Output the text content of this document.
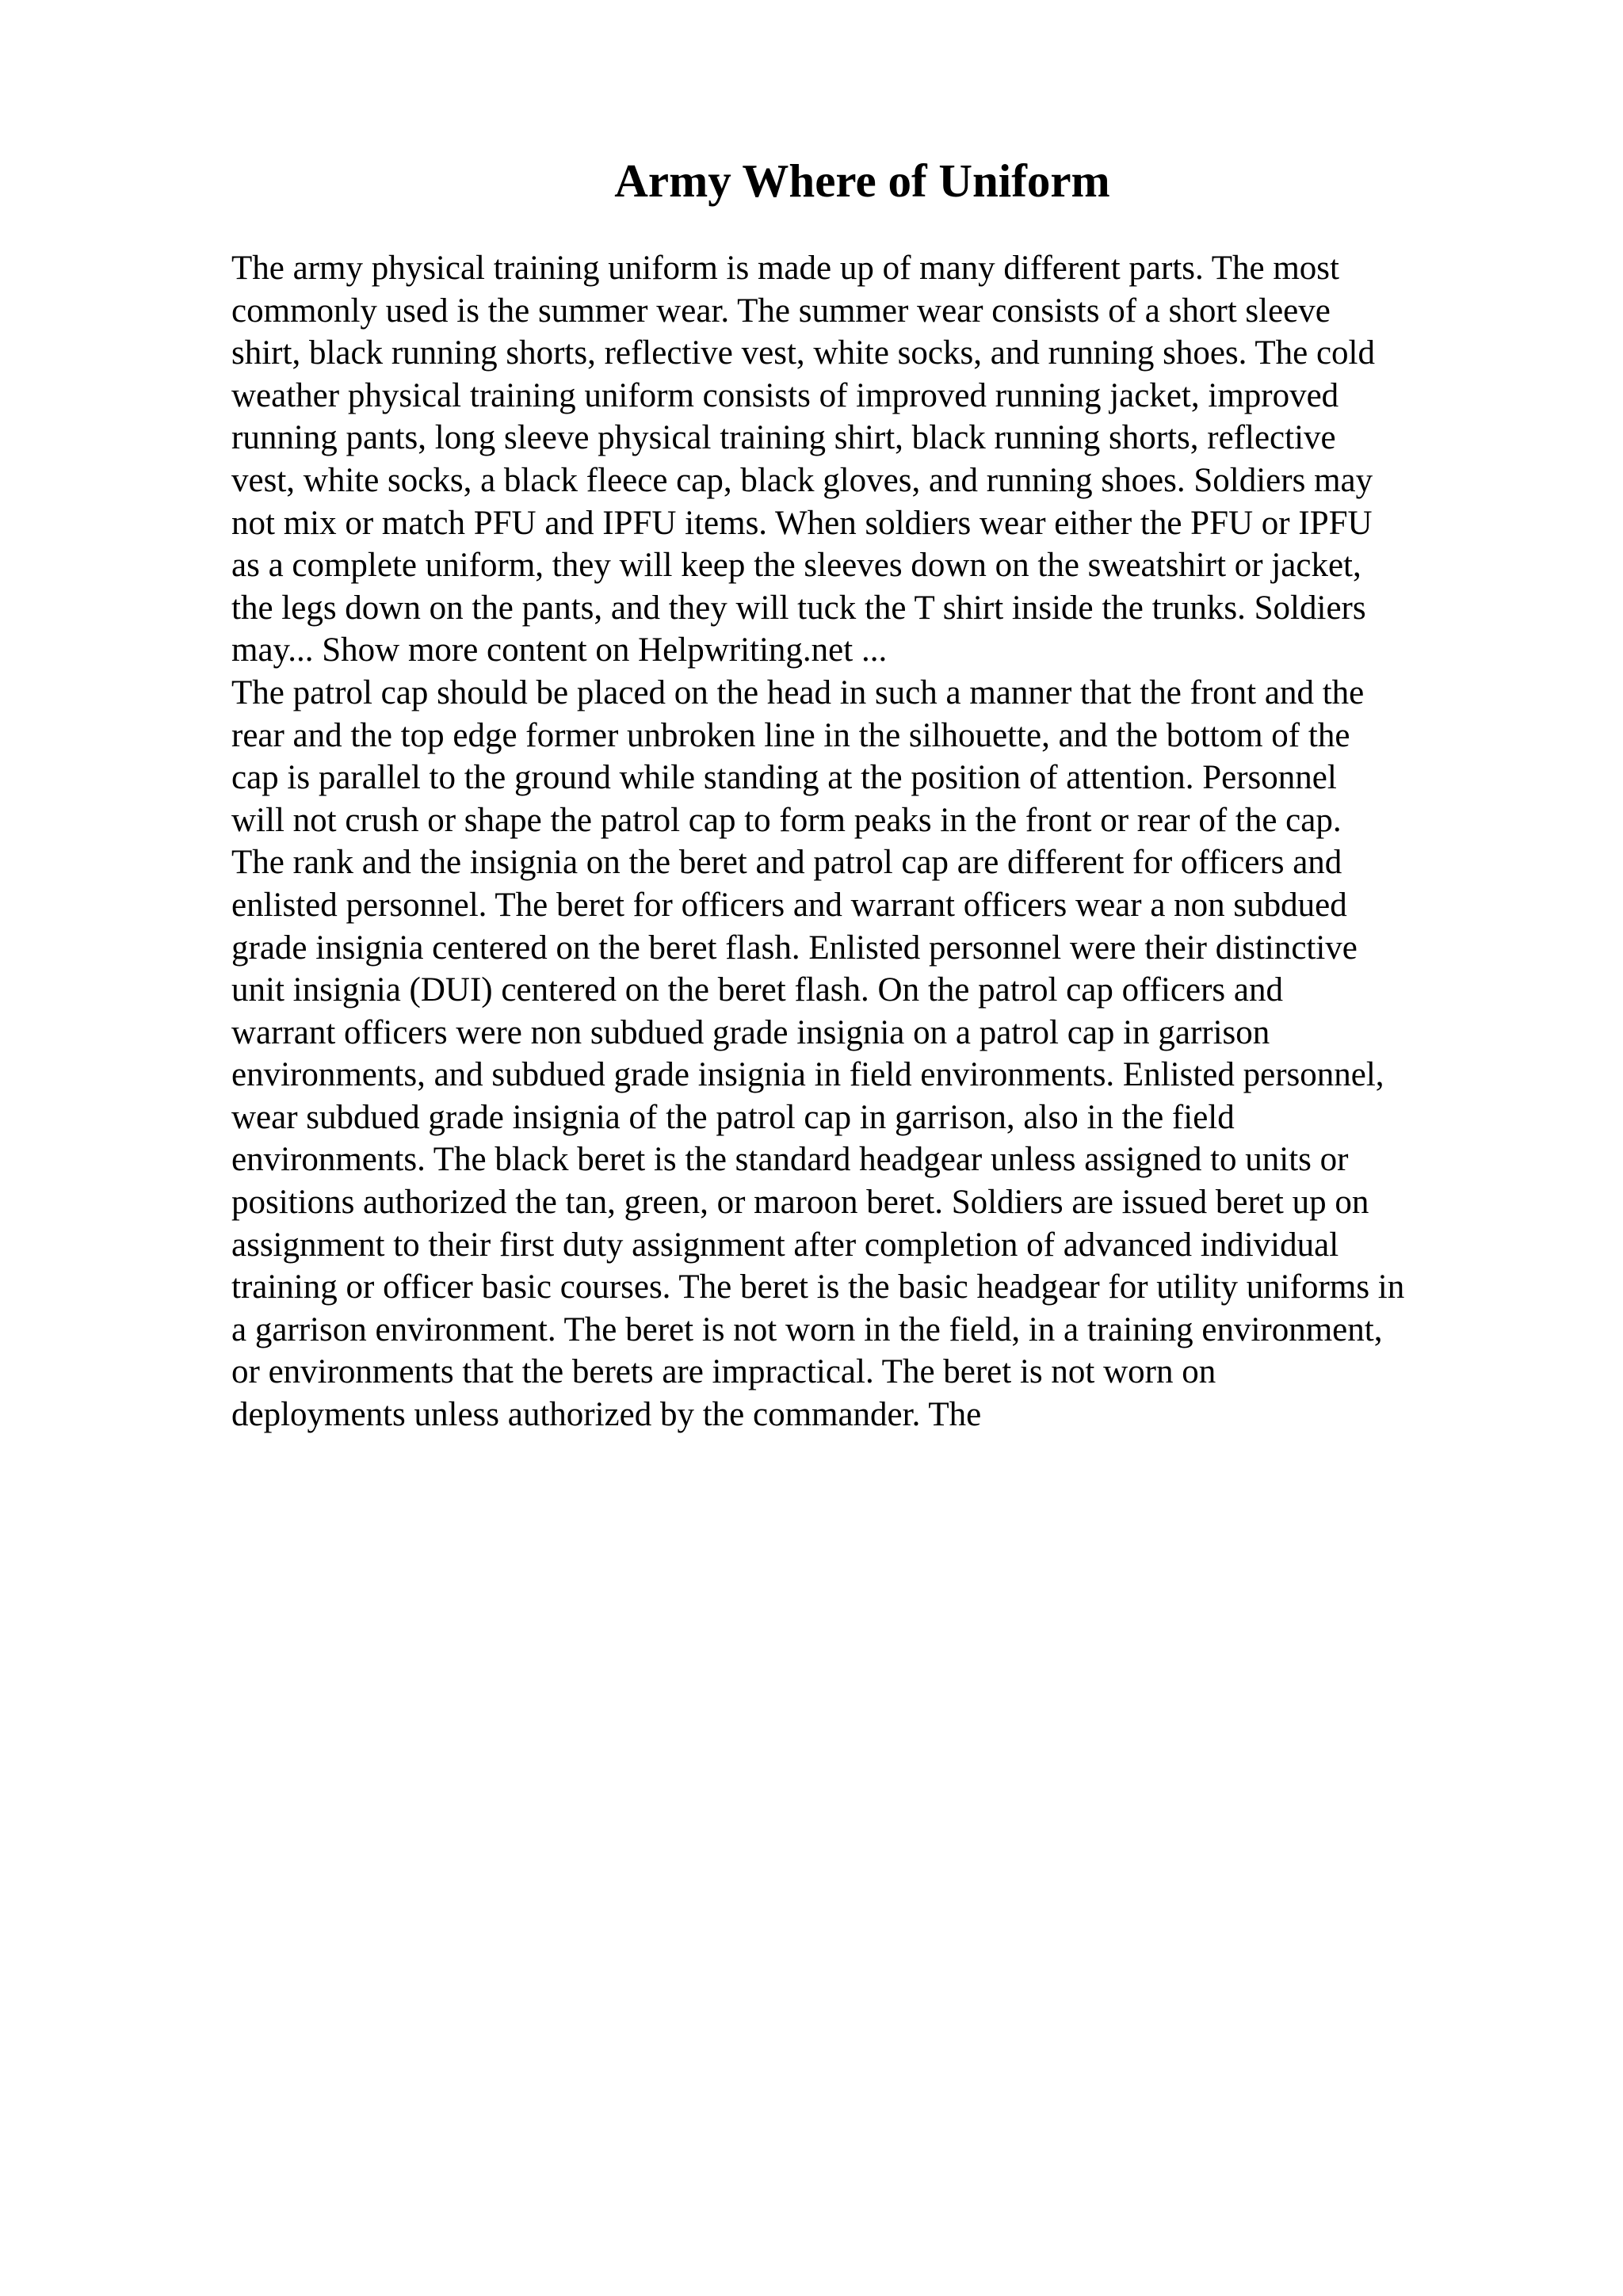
Army Where of Uniform
The army physical training uniform is made up of many different parts. The most
commonly used is the summer wear. The summer wear consists of a short sleeve
shirt, black running shorts, reflective vest, white socks, and running shoes. The cold
weather physical training uniform consists of improved running jacket, improved
running pants, long sleeve physical training shirt, black running shorts, reflective
vest, white socks, a black fleece cap, black gloves, and running shoes. Soldiers may
not mix or match PFU and IPFU items. When soldiers wear either the PFU or IPFU
as a complete uniform, they will keep the sleeves down on the sweatshirt or jacket,
the legs down on the pants, and they will tuck the T shirt inside the trunks. Soldiers
may... Show more content on Helpwriting.net ...
The patrol cap should be placed on the head in such a manner that the front and the
rear and the top edge former unbroken line in the silhouette, and the bottom of the
cap is parallel to the ground while standing at the position of attention. Personnel
will not crush or shape the patrol cap to form peaks in the front or rear of the cap.
The rank and the insignia on the beret and patrol cap are different for officers and
enlisted personnel. The beret for officers and warrant officers wear a non subdued
grade insignia centered on the beret flash. Enlisted personnel were their distinctive
unit insignia (DUI) centered on the beret flash. On the patrol cap officers and
warrant officers were non subdued grade insignia on a patrol cap in garrison
environments, and subdued grade insignia in field environments. Enlisted personnel,
wear subdued grade insignia of the patrol cap in garrison, also in the field
environments. The black beret is the standard headgear unless assigned to units or
positions authorized the tan, green, or maroon beret. Soldiers are issued beret up on
assignment to their first duty assignment after completion of advanced individual
training or officer basic courses. The beret is the basic headgear for utility uniforms in
a garrison environment. The beret is not worn in the field, in a training environment,
or environments that the berets are impractical. The beret is not worn on
deployments unless authorized by the commander. The
